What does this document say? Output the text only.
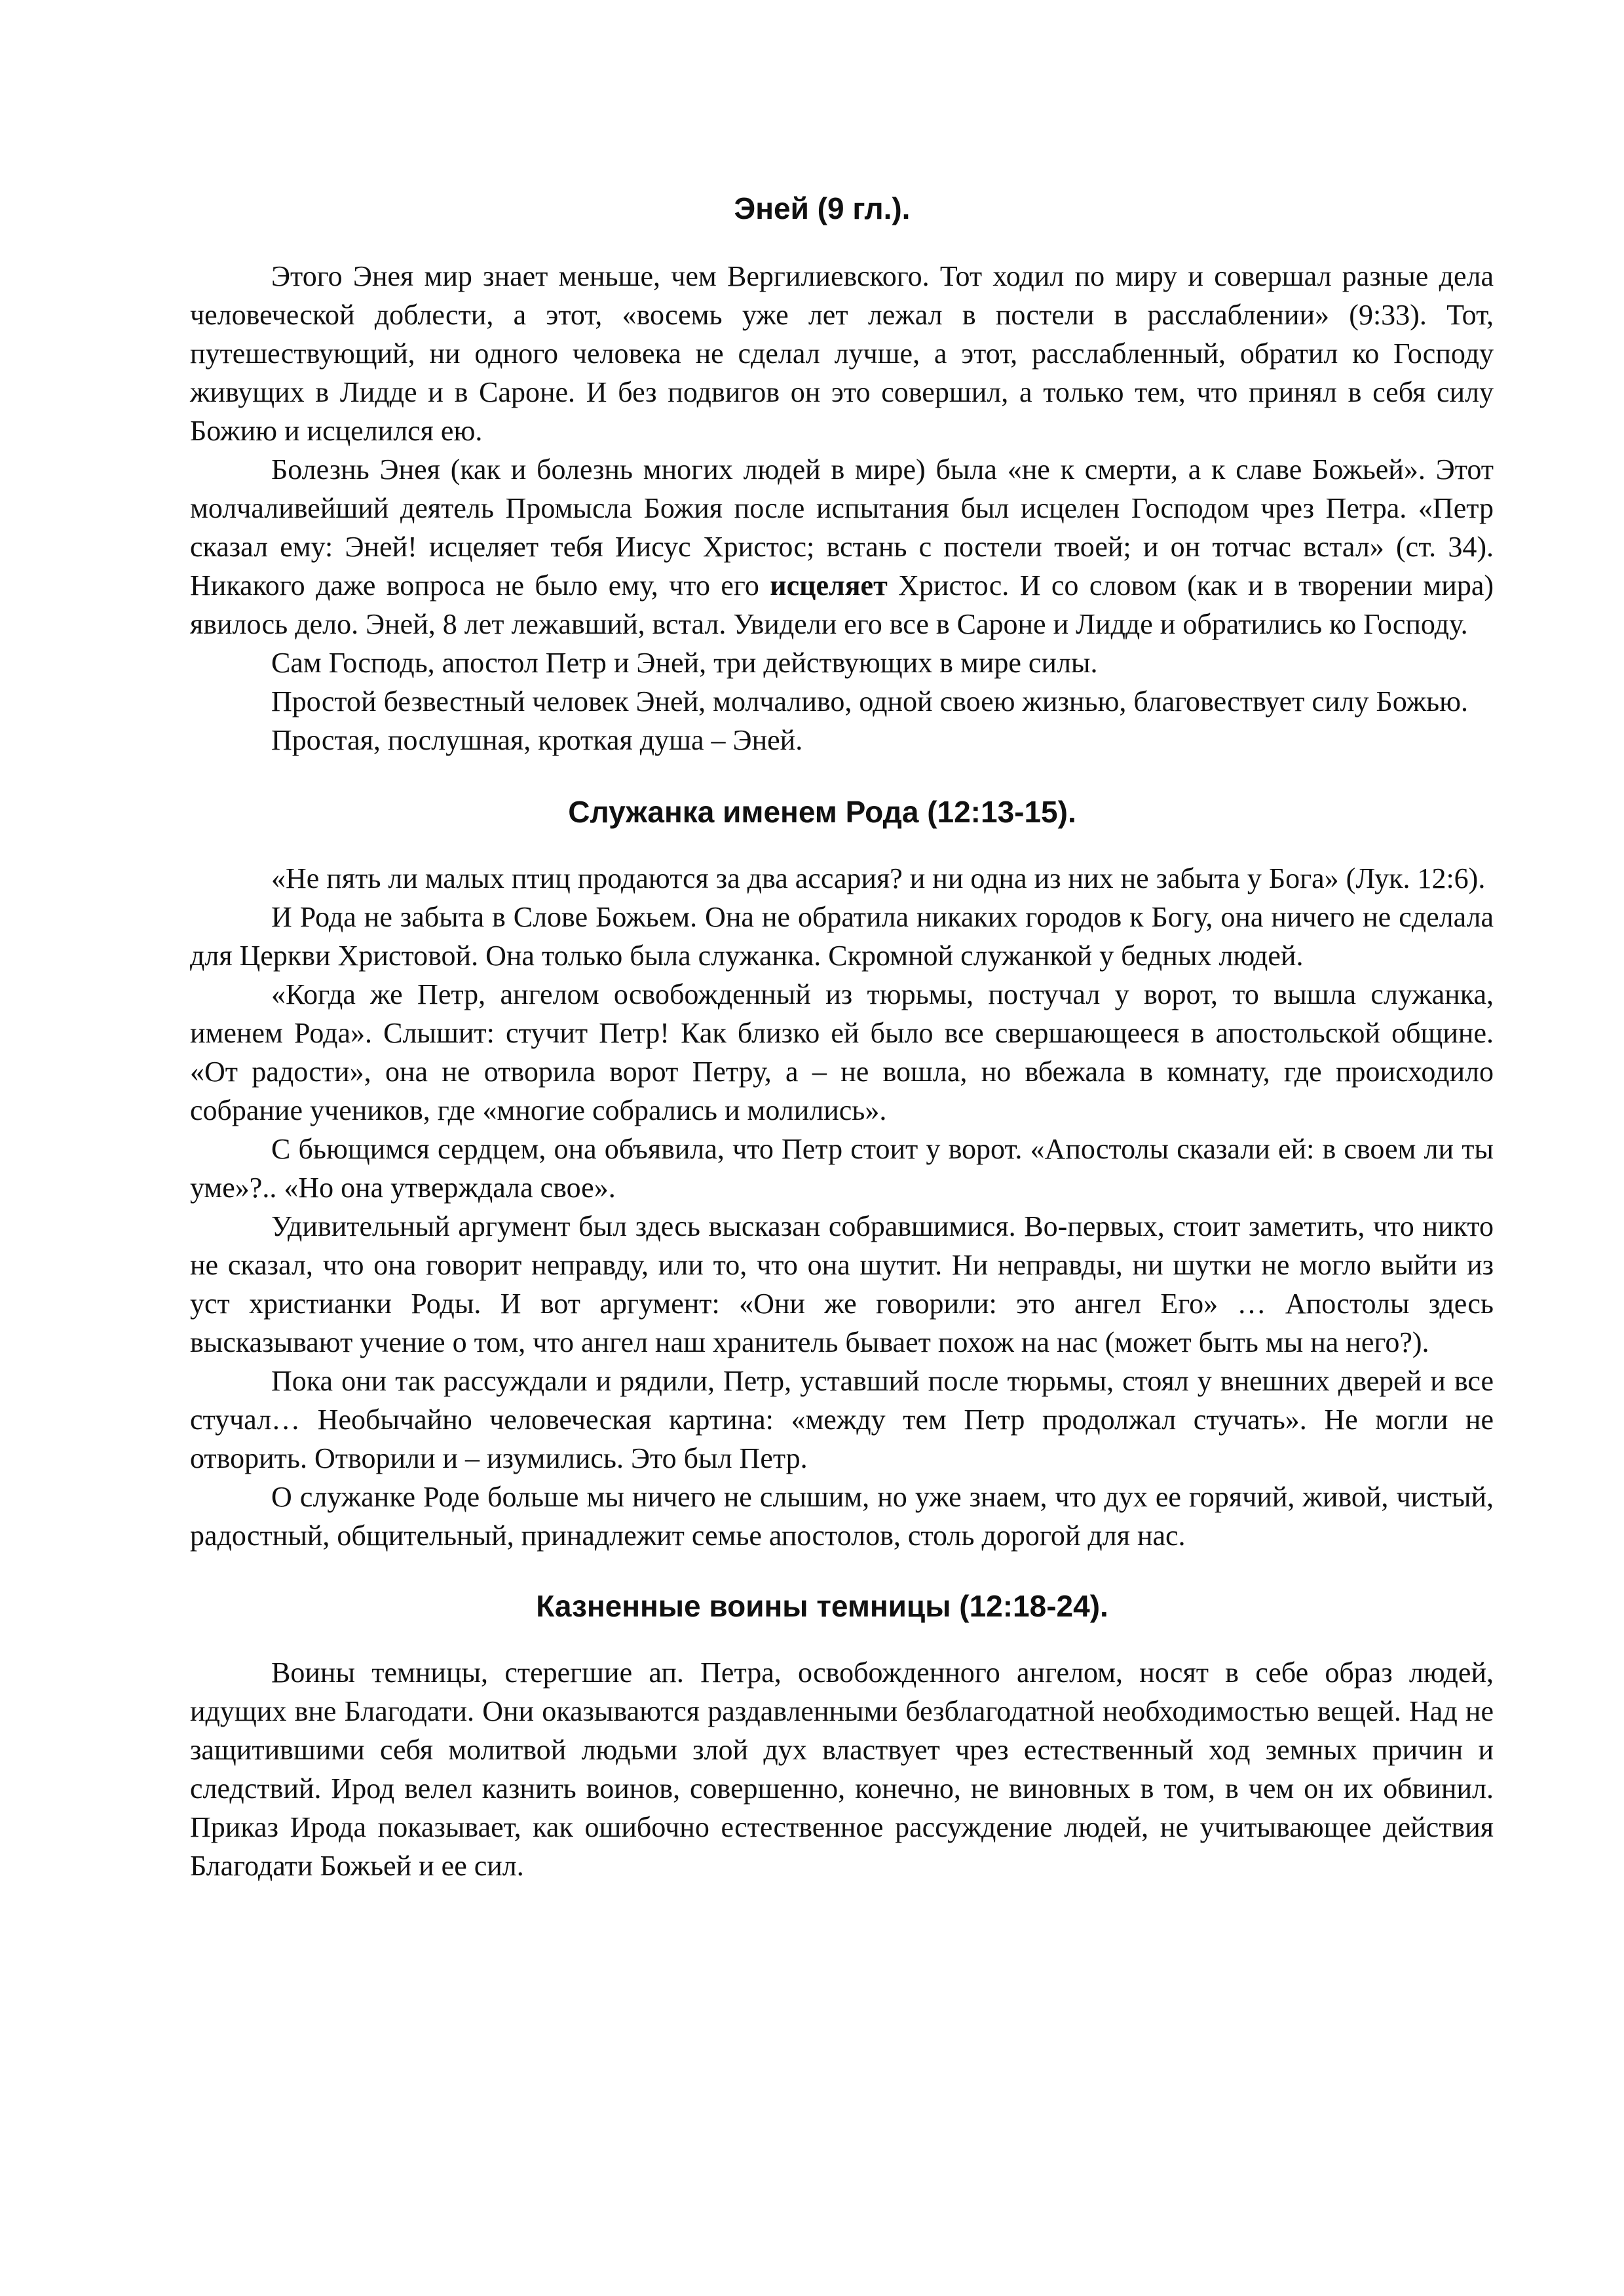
Эней (9 гл.).

Этого Энея мир знает меньше, чем Вергилиевского. Тот ходил по миру и совершал разные дела человеческой доблести, а этот, «восемь уже лет лежал в постели в расслаблении» (9:33). Тот, путешествующий, ни одного человека не сделал лучше, а этот, расслабленный, обратил ко Господу живущих в Лидде и в Сароне. И без подвигов он это совершил, а только тем, что принял в себя силу Божию и исцелился ею.

Болезнь Энея (как и болезнь многих людей в мире) была «не к смерти, а к славе Божьей». Этот молчаливейший деятель Промысла Божия после испытания был исцелен Господом чрез Петра. «Петр сказал ему: Эней! исцеляет тебя Иисус Христос; встань с постели твоей; и он тотчас встал» (ст. 34). Никакого даже вопроса не было ему, что его исцеляет Христос. И со словом (как и в творении мира) явилось дело. Эней, 8 лет лежавший, встал. Увидели его все в Сароне и Лидде и обратились ко Господу.

Сам Господь, апостол Петр и Эней, три действующих в мире силы.

Простой безвестный человек Эней, молчаливо, одной своею жизнью, благовествует силу Божью.

Простая, послушная, кроткая душа – Эней.

Служанка именем Рода (12:13-15).

«Не пять ли малых птиц продаются за два ассария? и ни одна из них не забыта у Бога» (Лук. 12:6).

И Рода не забыта в Слове Божьем. Она не обратила никаких городов к Богу, она ничего не сделала для Церкви Христовой. Она только была служанка. Скромной служанкой у бедных людей.

«Когда же Петр, ангелом освобожденный из тюрьмы, постучал у ворот, то вышла служанка, именем Рода». Слышит: стучит Петр! Как близко ей было все свершающееся в апостольской общине. «От радости», она не отворила ворот Петру, а – не вошла, но вбежала в комнату, где происходило собрание учеников, где «многие собрались и молились».

С бьющимся сердцем, она объявила, что Петр стоит у ворот. «Апостолы сказали ей: в своем ли ты уме»?.. «Но она утверждала свое».

Удивительный аргумент был здесь высказан собравшимися. Во-первых, стоит заметить, что никто не сказал, что она говорит неправду, или то, что она шутит. Ни неправды, ни шутки не могло выйти из уст христианки Роды. И вот аргумент: «Они же говорили: это ангел Его» … Апостолы здесь высказывают учение о том, что ангел наш хранитель бывает похож на нас (может быть мы на него?).

Пока они так рассуждали и рядили, Петр, уставший после тюрьмы, стоял у внешних дверей и все стучал… Необычайно человеческая картина: «между тем Петр продолжал стучать». Не могли не отворить. Отворили и – изумились. Это был Петр.

О служанке Роде больше мы ничего не слышим, но уже знаем, что дух ее горячий, живой, чистый, радостный, общительный, принадлежит семье апостолов, столь дорогой для нас.

Казненные воины темницы (12:18-24).

Воины темницы, стерегшие ап. Петра, освобожденного ангелом, носят в себе образ людей, идущих вне Благодати. Они оказываются раздавленными безблагодатной необходимостью вещей. Над не защитившими себя молитвой людьми злой дух властвует чрез естественный ход земных причин и следствий. Ирод велел казнить воинов, совершенно, конечно, не виновных в том, в чем он их обвинил. Приказ Ирода показывает, как ошибочно естественное рассуждение людей, не учитывающее действия Благодати Божьей и ее сил.
